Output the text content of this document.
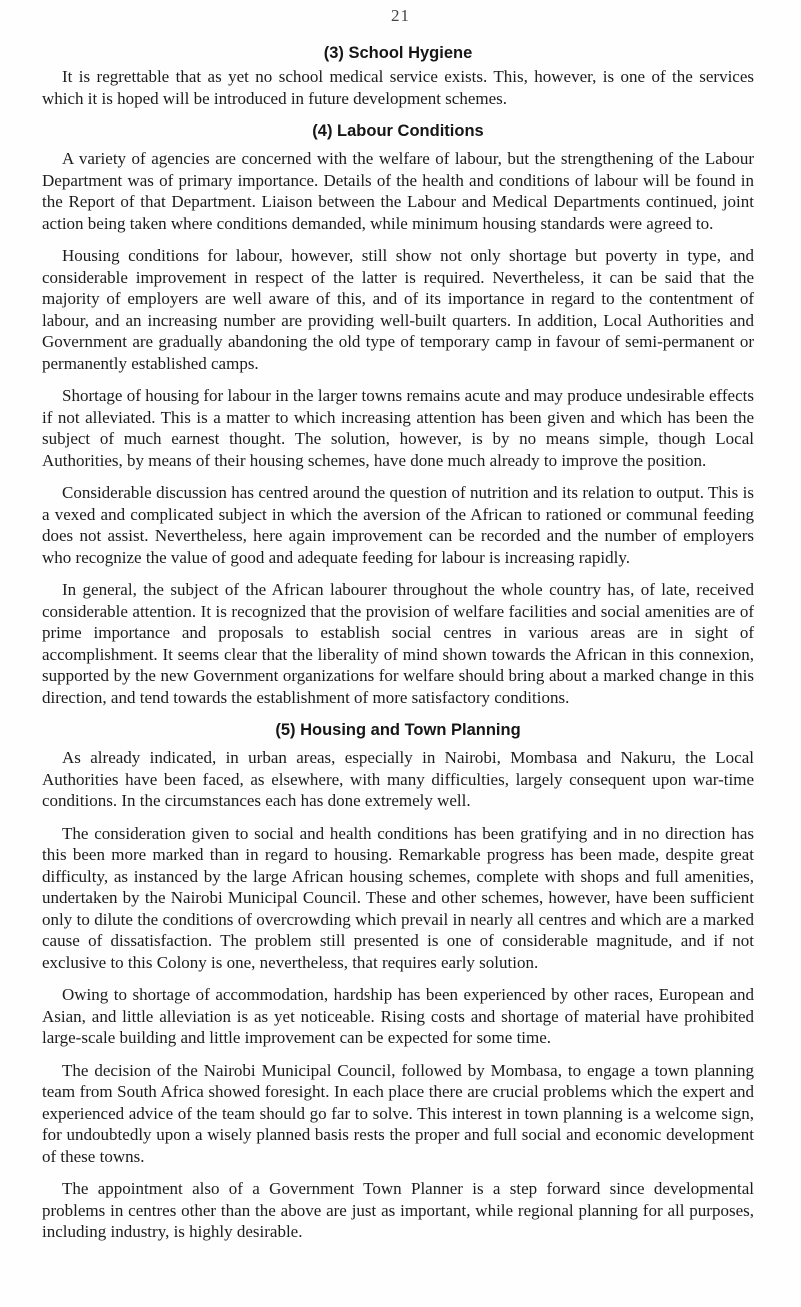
21
(3) School Hygiene

It is regrettable that as yet no school medical service exists. This, however, is one of the services which it is hoped will be introduced in future development schemes.

(4) Labour Conditions

A variety of agencies are concerned with the welfare of labour, but the strengthening of the Labour Department was of primary importance. Details of the health and conditions of labour will be found in the Report of that Department. Liaison between the Labour and Medical Departments continued, joint action being taken where conditions demanded, while minimum housing standards were agreed to.

Housing conditions for labour, however, still show not only shortage but poverty in type, and considerable improvement in respect of the latter is required. Nevertheless, it can be said that the majority of employers are well aware of this, and of its importance in regard to the contentment of labour, and an increasing number are providing well-built quarters. In addition, Local Authorities and Government are gradually abandoning the old type of temporary camp in favour of semi-permanent or permanently established camps.

Shortage of housing for labour in the larger towns remains acute and may produce undesirable effects if not alleviated. This is a matter to which increasing attention has been given and which has been the subject of much earnest thought. The solution, however, is by no means simple, though Local Authorities, by means of their housing schemes, have done much already to improve the position.

Considerable discussion has centred around the question of nutrition and its relation to output. This is a vexed and complicated subject in which the aversion of the African to rationed or communal feeding does not assist. Nevertheless, here again improvement can be recorded and the number of employers who recognize the value of good and adequate feeding for labour is increasing rapidly.

In general, the subject of the African labourer throughout the whole country has, of late, received considerable attention. It is recognized that the provision of welfare facilities and social amenities are of prime importance and proposals to establish social centres in various areas are in sight of accomplishment. It seems clear that the liberality of mind shown towards the African in this connexion, supported by the new Government organizations for welfare should bring about a marked change in this direction, and tend towards the establishment of more satisfactory conditions.

(5) Housing and Town Planning

As already indicated, in urban areas, especially in Nairobi, Mombasa and Nakuru, the Local Authorities have been faced, as elsewhere, with many difficulties, largely consequent upon war-time conditions. In the circumstances each has done extremely well.

The consideration given to social and health conditions has been gratifying and in no direction has this been more marked than in regard to housing. Remarkable progress has been made, despite great difficulty, as instanced by the large African housing schemes, complete with shops and full amenities, undertaken by the Nairobi Municipal Council. These and other schemes, however, have been sufficient only to dilute the conditions of overcrowding which prevail in nearly all centres and which are a marked cause of dissatisfaction. The problem still presented is one of considerable magnitude, and if not exclusive to this Colony is one, nevertheless, that requires early solution.

Owing to shortage of accommodation, hardship has been experienced by other races, European and Asian, and little alleviation is as yet noticeable. Rising costs and shortage of material have prohibited large-scale building and little improvement can be expected for some time.

The decision of the Nairobi Municipal Council, followed by Mombasa, to engage a town planning team from South Africa showed foresight. In each place there are crucial problems which the expert and experienced advice of the team should go far to solve. This interest in town planning is a welcome sign, for undoubtedly upon a wisely planned basis rests the proper and full social and economic development of these towns.

The appointment also of a Government Town Planner is a step forward since developmental problems in centres other than the above are just as important, while regional planning for all purposes, including industry, is highly desirable.
